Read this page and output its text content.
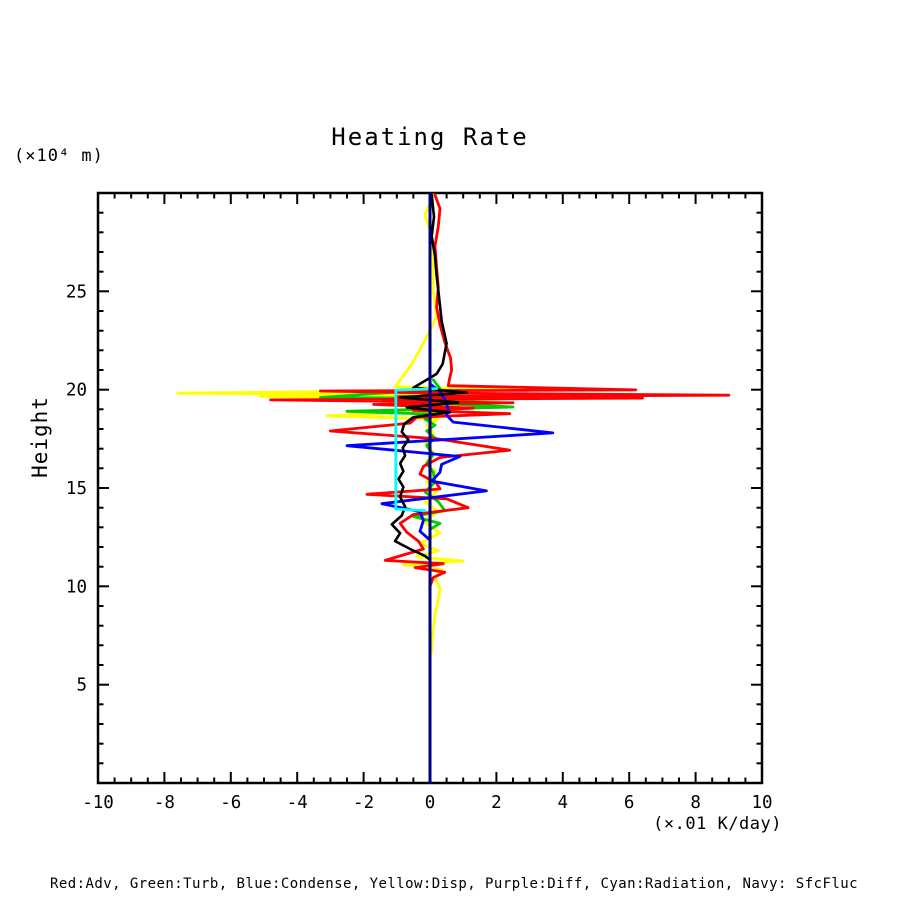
-10 -8	-6	-4	-2	0	2	4	6	8	10
5
10
15
20
25
Heating Rate
(×10⁴ m)
Height
(×.01 K/day)
Red:Adv, Green:Turb, Blue:Condense, Yellow:Disp, Purple:Diff, Cyan:Radiation, Navy: SfcFluc
